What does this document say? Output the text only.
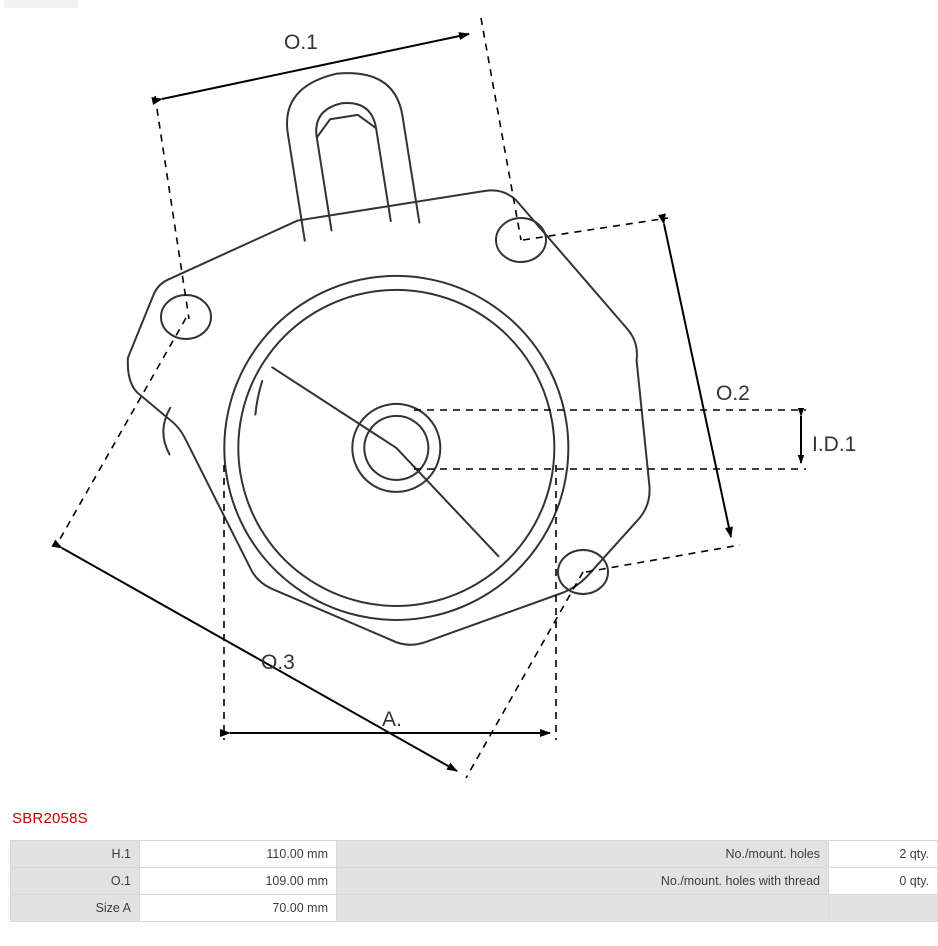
O.1
O.2
O.3
A.
I.D.1
SBR2058S
H.1	110.00 mm	No./mount. holes	2 qty.
O.1	109.00 mm	No./mount. holes with thread	0 qty.
Size A	70.00 mm		
